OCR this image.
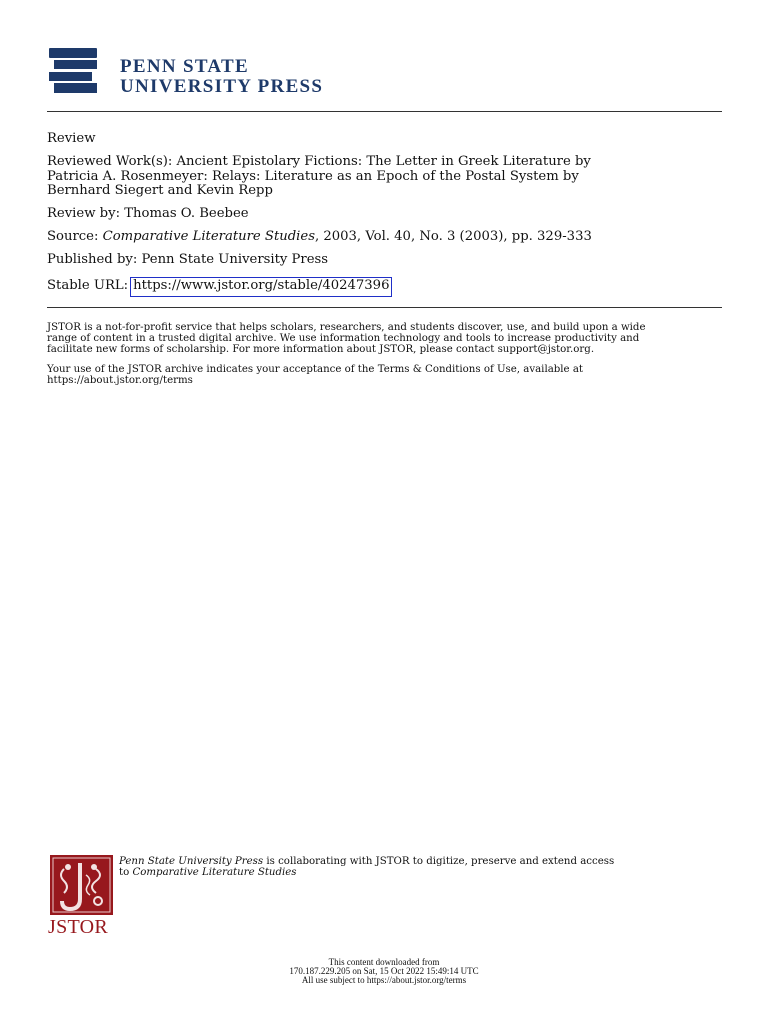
PENN STATE
UNIVERSITY PRESS
Review
Reviewed Work(s): Ancient Epistolary Fictions: The Letter in Greek Literature by
Patricia A. Rosenmeyer: Relays: Literature as an Epoch of the Postal System by
Bernhard Siegert and Kevin Repp
Review by: Thomas O. Beebee
Source: Comparative Literature Studies, 2003, Vol. 40, No. 3 (2003), pp. 329-333
Published by: Penn State University Press
Stable URL: https://www.jstor.org/stable/40247396
JSTOR is a not-for-profit service that helps scholars, researchers, and students discover, use, and build upon a wide
range of content in a trusted digital archive. We use information technology and tools to increase productivity and
facilitate new forms of scholarship. For more information about JSTOR, please contact support@jstor.org.
Your use of the JSTOR archive indicates your acceptance of the Terms & Conditions of Use, available at
https://about.jstor.org/terms
JSTOR
Penn State University Press is collaborating with JSTOR to digitize, preserve and extend access
to Comparative Literature Studies
This content downloaded from
170.187.229.205 on Sat, 15 Oct 2022 15:49:14 UTC
All use subject to https://about.jstor.org/terms
